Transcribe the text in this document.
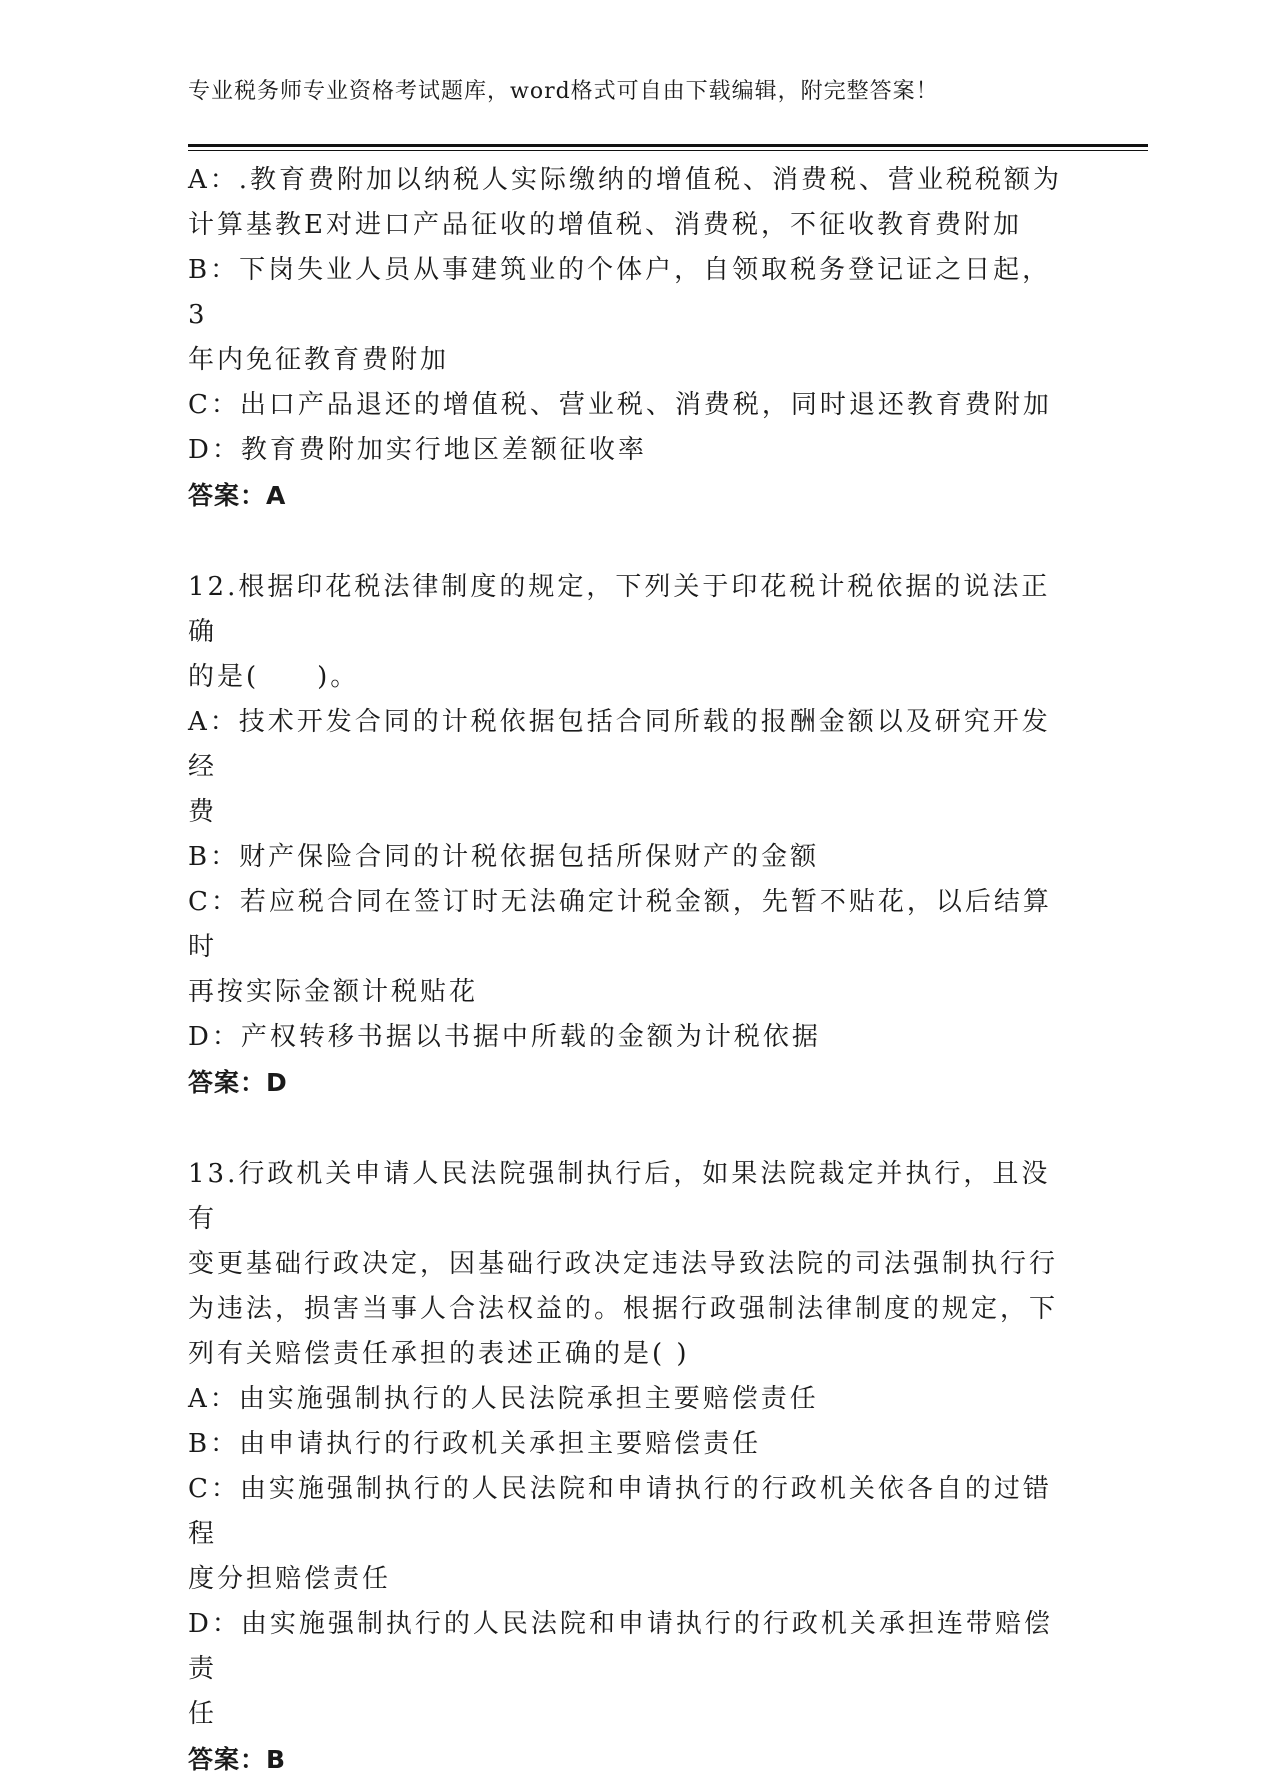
专业税务师专业资格考试题库，word格式可自由下载编辑，附完整答案！
A：.教育费附加以纳税人实际缴纳的增值税、消费税、营业税税额为
计算基教E对进口产品征收的增值税、消费税，不征收教育费附加
B：下岗失业人员从事建筑业的个体户，自领取税务登记证之日起，3
年内免征教育费附加
C：出口产品退还的增值税、营业税、消费税，同时退还教育费附加
D：教育费附加实行地区差额征收率
答案：A
12.根据印花税法律制度的规定，下列关于印花税计税依据的说法正确
的是(　　)。
A：技术开发合同的计税依据包括合同所载的报酬金额以及研究开发经
费
B：财产保险合同的计税依据包括所保财产的金额
C：若应税合同在签订时无法确定计税金额，先暂不贴花，以后结算时
再按实际金额计税贴花
D：产权转移书据以书据中所载的金额为计税依据
答案：D
13.行政机关申请人民法院强制执行后，如果法院裁定并执行，且没有
变更基础行政决定，因基础行政决定违法导致法院的司法强制执行行
为违法，损害当事人合法权益的。根据行政强制法律制度的规定，下
列有关赔偿责任承担的表述正确的是( )
A：由实施强制执行的人民法院承担主要赔偿责任
B：由申请执行的行政机关承担主要赔偿责任
C：由实施强制执行的人民法院和申请执行的行政机关依各自的过错程
度分担赔偿责任
D：由实施强制执行的人民法院和申请执行的行政机关承担连带赔偿责
任
答案：B
